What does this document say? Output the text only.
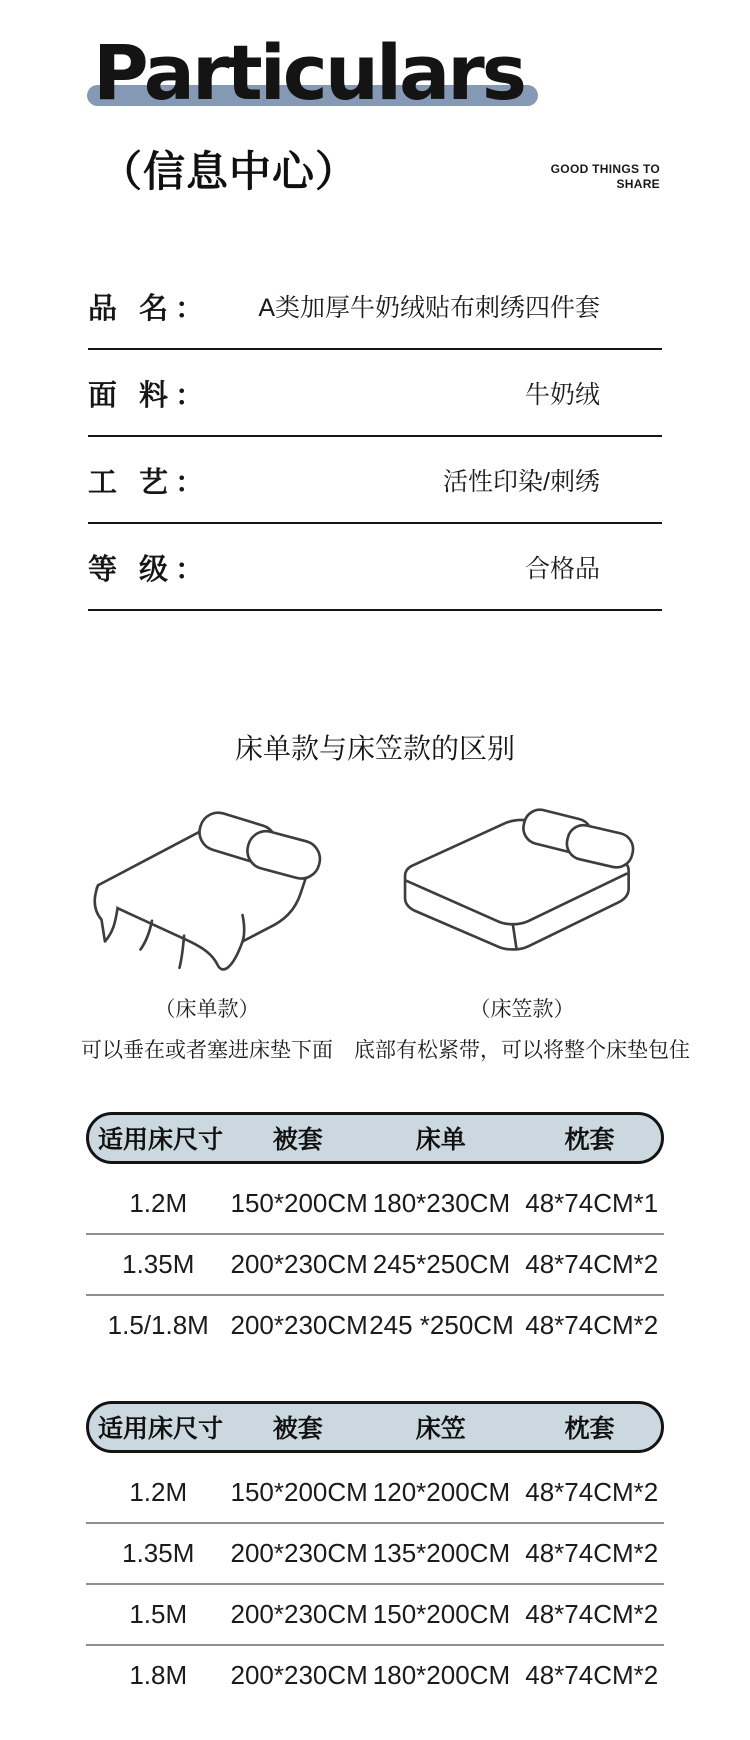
Particulars
（信息中心）	GOOD THINGS TO
SHARE
品 名： A类加厚牛奶绒贴布刺绣四件套
面 料：	牛奶绒
工 艺：	活性印染/刺绣
等 级：	合格品
床单款与床笠款的区别
（床单款）
可以垂在或者塞进床垫下面
（床笠款）
底部有松紧带，可以将整个床垫包住
适用床尺寸	被套	床单	枕套
1.2M	150*200CM 180*230CM 48*74CM*1
1.35M	200*230CM 245*250CM 48*74CM*2
1.5/1.8M 200*230CM 245 *250CM 48*74CM*2
适用床尺寸	被套	床笠	枕套
1.2M	150*200CM 120*200CM 48*74CM*2
1.35M	200*230CM 135*200CM 48*74CM*2
1.5M	200*230CM 150*200CM 48*74CM*2
1.8M	200*230CM 180*200CM 48*74CM*2
